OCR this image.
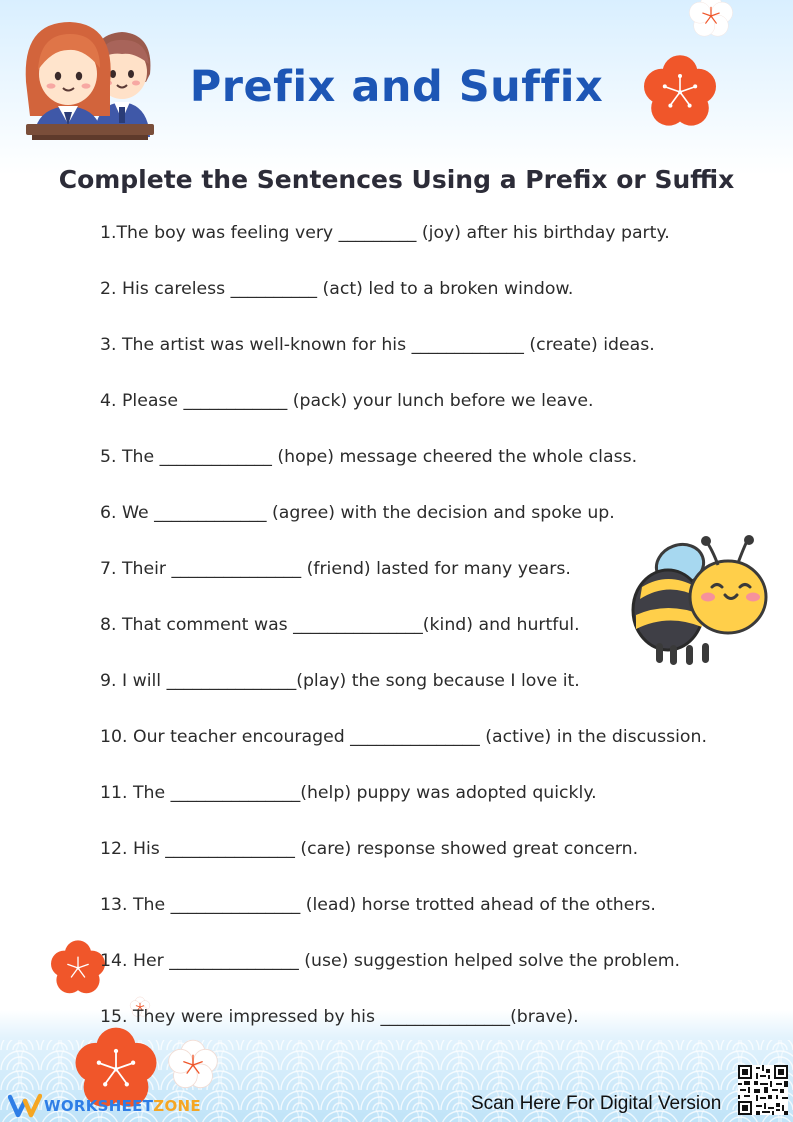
Prefix and Suffix
Complete the Sentences Using a Prefix or Suffix
1.The boy was feeling very _________ (joy) after his birthday party.
2. His careless __________ (act) led to a broken window.
3. The artist was well-known for his _____________ (create) ideas.
4. Please ____________ (pack) your lunch before we leave.
5. The _____________ (hope) message cheered the whole class.
6. We _____________ (agree) with the decision and spoke up.
7. Their _______________ (friend) lasted for many years.
8. That comment was _______________(kind) and hurtful.
9. I will _______________(play) the song because I love it.
10. Our teacher encouraged _______________ (active) in the discussion.
11. The _______________(help) puppy was adopted quickly.
12. His _______________ (care) response showed great concern.
13. The _______________ (lead) horse trotted ahead of the others.
14. Her _______________ (use) suggestion helped solve the problem.
15. They were impressed by his _______________(brave).
WORKSHEETZONE	Scan Here For Digital Version
